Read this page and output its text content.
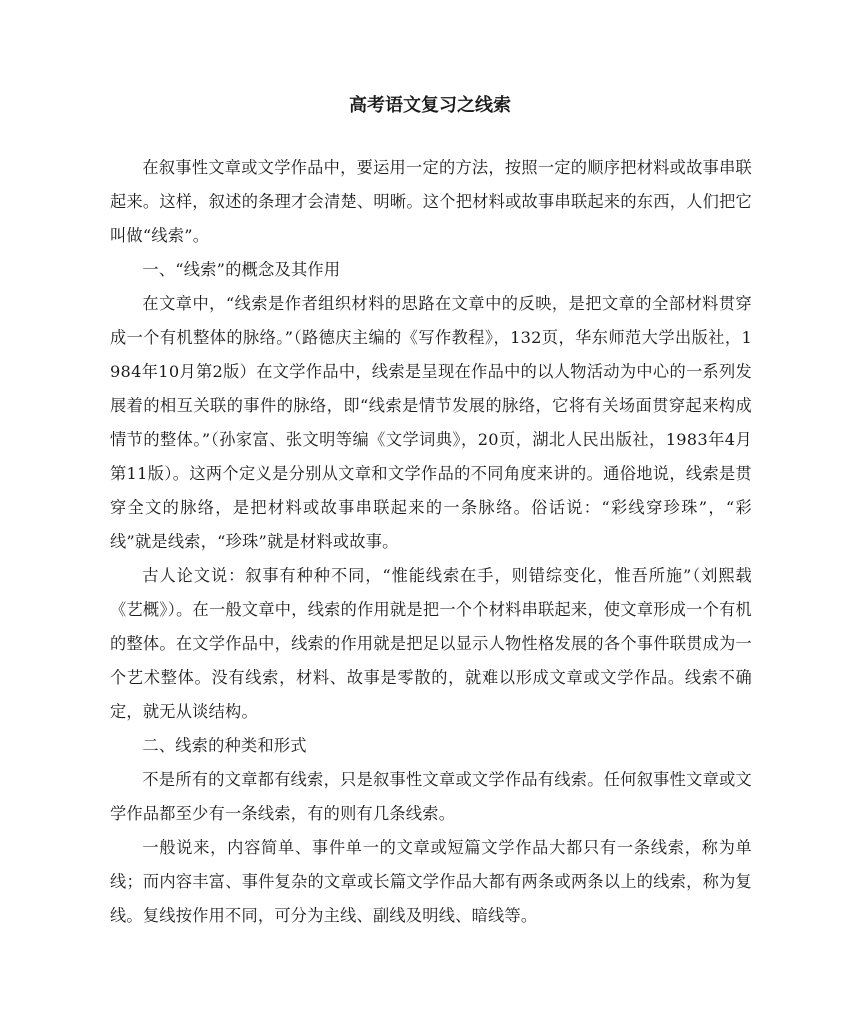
高考语文复习之线索

在叙事性文章或文学作品中，要运用一定的方法，按照一定的顺序把材料或故事串联起来。这样，叙述的条理才会清楚、明晰。这个把材料或故事串联起来的东西，人们把它叫做“线索”。

一、“线索”的概念及其作用

在文章中，“线索是作者组织材料的思路在文章中的反映，是把文章的全部材料贯穿成一个有机整体的脉络。”（路德庆主编的《写作教程》，132页，华东师范大学出版社，1984年10月第2版）在文学作品中，线索是呈现在作品中的以人物活动为中心的一系列发展着的相互关联的事件的脉络，即“线索是情节发展的脉络，它将有关场面贯穿起来构成情节的整体。”（孙家富、张文明等编《文学词典》，20页，湖北人民出版社，1983年4月第11版）。这两个定义是分别从文章和文学作品的不同角度来讲的。通俗地说，线索是贯穿全文的脉络，是把材料或故事串联起来的一条脉络。俗话说：“彩线穿珍珠”，“彩线”就是线索，“珍珠”就是材料或故事。

古人论文说：叙事有种种不同，“惟能线索在手，则错综变化，惟吾所施”（刘熙载《艺概》）。在一般文章中，线索的作用就是把一个个材料串联起来，使文章形成一个有机的整体。在文学作品中，线索的作用就是把足以显示人物性格发展的各个事件联贯成为一个艺术整体。没有线索，材料、故事是零散的，就难以形成文章或文学作品。线索不确定，就无从谈结构。

二、线索的种类和形式

不是所有的文章都有线索，只是叙事性文章或文学作品有线索。任何叙事性文章或文学作品都至少有一条线索，有的则有几条线索。

一般说来，内容简单、事件单一的文章或短篇文学作品大都只有一条线索，称为单线；而内容丰富、事件复杂的文章或长篇文学作品大都有两条或两条以上的线索，称为复线。复线按作用不同，可分为主线、副线及明线、暗线等。
